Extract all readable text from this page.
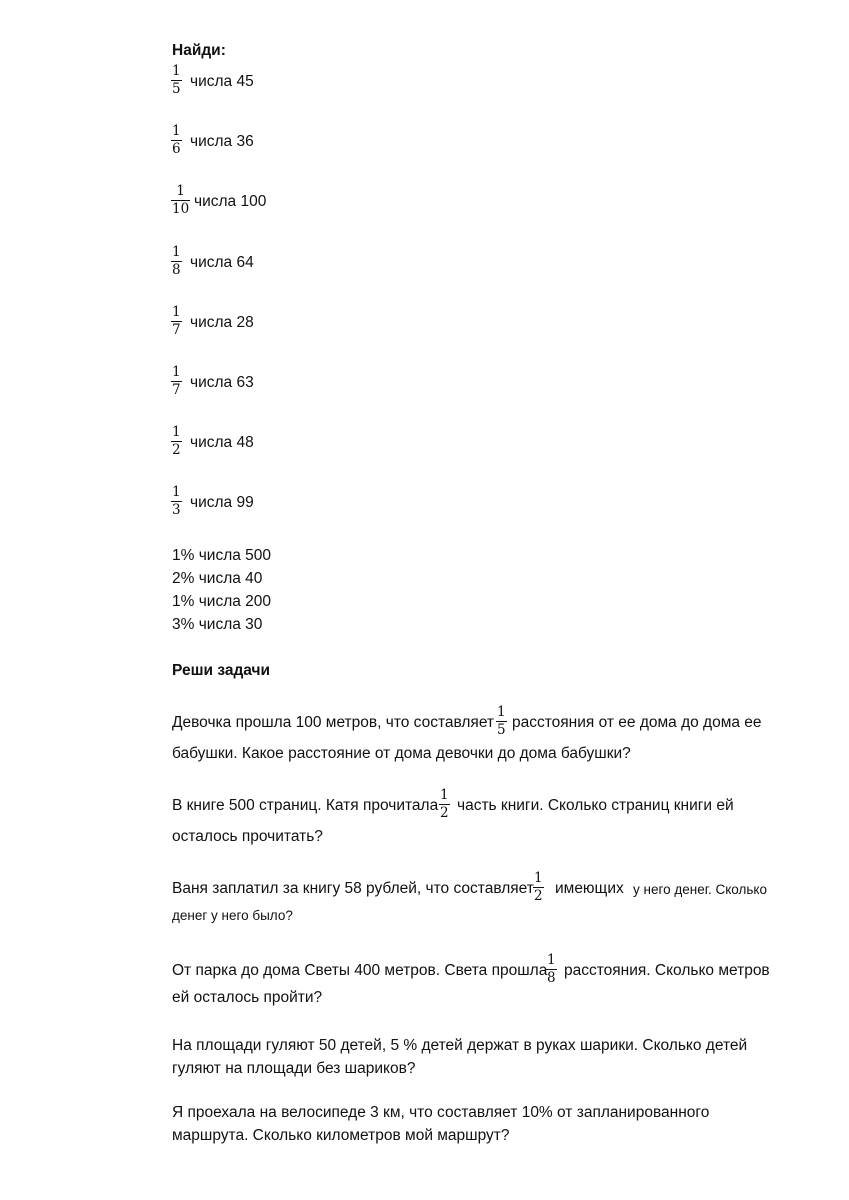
Найди:
$\frac{1}{5}$ числа 45
$\frac{1}{6}$ числа 36
$\frac{1}{10}$ числа 100
$\frac{1}{8}$ числа 64
$\frac{1}{7}$ числа 28
$\frac{1}{7}$ числа 63
$\frac{1}{2}$ числа 48
$\frac{1}{3}$ числа 99
1% числа 500
2% числа 40
1% числа 200
3% числа 30
Реши задачи
Девочка прошла 100 метров, что составляет $\frac{1}{5}$ расстояния от ее дома до дома ее
бабушки. Какое расстояние от дома девочки до дома бабушки?
В книге 500 страниц. Катя прочитала $\frac{1}{2}$ часть книги. Сколько страниц книги ей
осталось прочитать?
Ваня заплатил за книгу 58 рублей, что составляет $\frac{1}{2}$ имеющих у него денег. Сколько
денег у него было?
От парка до дома Светы 400 метров. Света прошла
$\frac{1}{8}$ расстояния. Сколько метров
ей осталось пройти?
На площади гуляют 50 детей, 5 % детей держат в руках шарики. Сколько детей
гуляют на площади без шариков?
Я проехала на велосипеде 3 км, что составляет 10% от запланированного
маршрута. Сколько километров мой маршрут?
